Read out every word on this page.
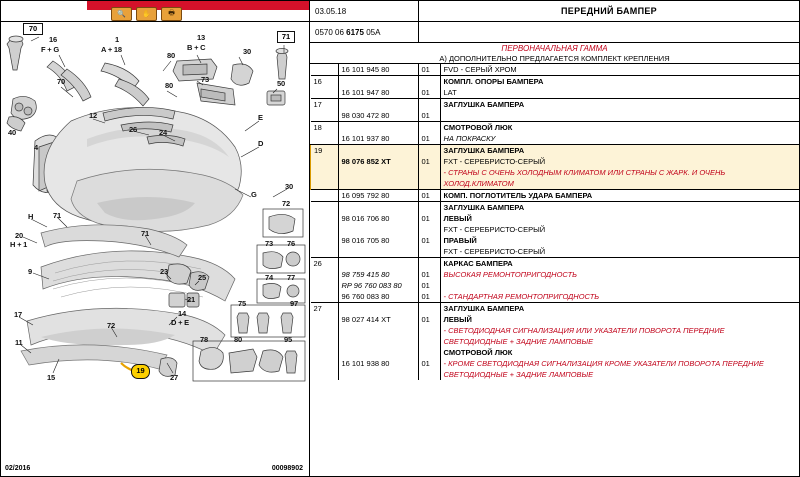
🔍	✋	🖶
70
16
F + G
1
A + 18
13
B + C
71
80	30
70	73	50
80
12	E
26
40	24
D
4
G
30
H	71
72
20
H + 1
71
73 76
9	23
74 77
25
21	75	97
17	14
D + E
72
11	78	80	95
15	27
19
02/2016	00098902
03.05.18	ПЕРЕДНИЙ БАМПЕР
0570 06
6175
05A
ПЕРВОНАЧАЛЬНАЯ ГАММА
A) ДОПОЛНИТЕЛЬНО ПРЕДЛАГАЕТСЯ КОМПЛЕКТ КРЕПЛЕНИЯ
	16 101 945 80	01	FVD - СЕРЫЙ ХРОМ
16			КОМПЛ. ОПОРЫ БАМПЕРА
	16 101 947 80	01	LAT
17			ЗАГЛУШКА БАМПЕРА
	98 030 472 80	01	
18			СМОТРОВОЙ ЛЮК
	16 101 937 80	01	НА ПОКРАСКУ
19			ЗАГЛУШКА БАМПЕРА
	98 076 852 XT	01	FXT - СЕРЕБРИСТО-СЕРЫЙ
			- СТРАНЫ С ОЧЕНЬ ХОЛОДНЫМ КЛИМАТОМ ИЛИ СТРАНЫ С ЖАРК. И ОЧЕНЬ
			ХОЛОД.КЛИМАТОМ
	16 095 792 80	01	КОМП. ПОГЛОТИТЕЛЬ УДАРА БАМПЕРА
			ЗАГЛУШКА БАМПЕРА
	98 016 706 80	01	ЛЕВЫЙ
			FXT - СЕРЕБРИСТО-СЕРЫЙ
	98 016 705 80	01	ПРАВЫЙ
			FXT - СЕРЕБРИСТО-СЕРЫЙ
26			КАРКАС БАМПЕРА
	98 759 415 80	01	ВЫСОКАЯ РЕМОНТОПРИГОДНОСТЬ
	RP 96 760 083 80	01	
	96 760 083 80	01	- СТАНДАРТНАЯ РЕМОНТОПРИГОДНОСТЬ
27			ЗАГЛУШКА БАМПЕРА
	98 027 414 XT	01	ЛЕВЫЙ
			- СВЕТОДИОДНАЯ СИГНАЛИЗАЦИЯ ИЛИ УКАЗАТЕЛИ ПОВОРОТА ПЕРЕДНИЕ
			СВЕТОДИОДНЫЕ + ЗАДНИЕ ЛАМПОВЫЕ
			СМОТРОВОЙ ЛЮК
	16 101 938 80	01	- КРОМЕ СВЕТОДИОДНАЯ СИГНАЛИЗАЦИЯ КРОМЕ УКАЗАТЕЛИ ПОВОРОТА ПЕРЕДНИЕ
			СВЕТОДИОДНЫЕ + ЗАДНИЕ ЛАМПОВЫЕ
